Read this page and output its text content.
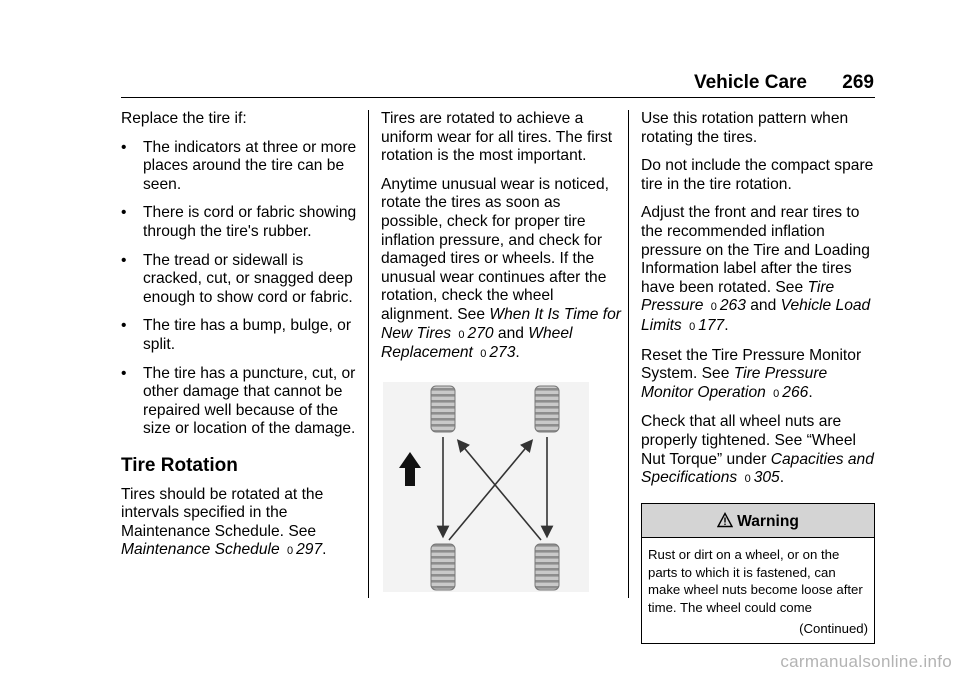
Vehicle Care 269

Replace the tire if:

• The indicators at three or more places around the tire can be seen.
• There is cord or fabric showing through the tire's rubber.
• The tread or sidewall is cracked, cut, or snagged deep enough to show cord or fabric.
• The tire has a bump, bulge, or split.
• The tire has a puncture, cut, or other damage that cannot be repaired well because of the size or location of the damage.
Tire Rotation

Tires should be rotated at the intervals specified in the Maintenance Schedule. See Maintenance Schedule 0 297.

Tires are rotated to achieve a uniform wear for all tires. The first rotation is the most important.

Anytime unusual wear is noticed, rotate the tires as soon as possible, check for proper tire inflation pressure, and check for damaged tires or wheels. If the unusual wear continues after the rotation, check the wheel alignment. See When It Is Time for New Tires 0 270 and Wheel Replacement 0 273.

Use this rotation pattern when rotating the tires.

Do not include the compact spare tire in the tire rotation.

Adjust the front and rear tires to the recommended inflation pressure on the Tire and Loading Information label after the tires have been rotated. See Tire Pressure 0 263 and Vehicle Load Limits 0 177.

Reset the Tire Pressure Monitor System. See Tire Pressure Monitor Operation 0 266.

Check that all wheel nuts are properly tightened. See “Wheel Nut Torque” under Capacities and Specifications 0 305.

Warning
Rust or dirt on a wheel, or on the parts to which it is fastened, can make wheel nuts become loose after time. The wheel could come
(Continued)
carmanualsonline.info
